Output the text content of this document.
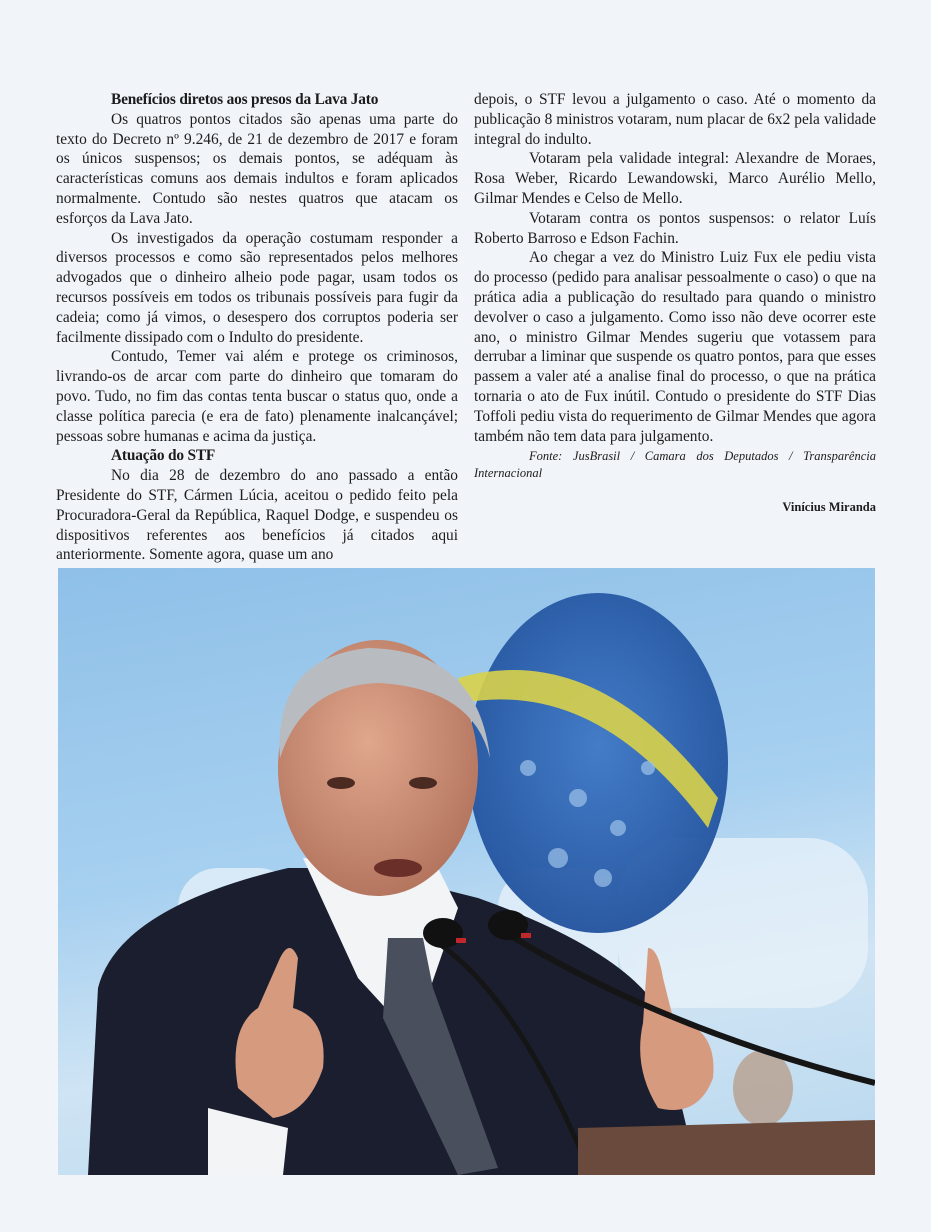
Benefícios diretos aos presos da Lava Jato

Os quatros pontos citados são apenas uma parte do texto do Decreto nº 9.246, de 21 de dezembro de 2017 e foram os únicos suspensos; os demais pontos, se adéquam às características comuns aos demais indultos e foram aplicados normalmente. Contudo são nestes quatros que atacam os esforços da Lava Jato.

Os investigados da operação costumam responder a diversos processos e como são representados pelos melhores advogados que o dinheiro alheio pode pagar, usam todos os recursos possíveis em todos os tribunais possíveis para fugir da cadeia; como já vimos, o desespero dos corruptos poderia ser facilmente dissipado com o Indulto do presidente.

Contudo, Temer vai além e protege os criminosos, livrando-os de arcar com parte do dinheiro que tomaram do povo. Tudo, no fim das contas tenta buscar o status quo, onde a classe política parecia (e era de fato) plenamente inalcançável; pessoas sobre humanas e acima da justiça.

Atuação do STF

No dia 28 de dezembro do ano passado a então Presidente do STF, Cármen Lúcia, aceitou o pedido feito pela Procuradora-Geral da República, Raquel Dodge, e suspendeu os dispositivos referentes aos benefícios já citados aqui anteriormente. Somente agora, quase um ano

depois, o STF levou a julgamento o caso. Até o momento da publicação 8 ministros votaram, num placar de 6x2 pela validade integral do indulto.

Votaram pela validade integral: Alexandre de Moraes, Rosa Weber, Ricardo Lewandowski, Marco Aurélio Mello, Gilmar Mendes e Celso de Mello.

Votaram contra os pontos suspensos: o relator Luís Roberto Barroso e Edson Fachin.

Ao chegar a vez do Ministro Luiz Fux ele pediu vista do processo (pedido para analisar pessoalmente o caso) o que na prática adia a publicação do resultado para quando o ministro devolver o caso a julgamento. Como isso não deve ocorrer este ano, o ministro Gilmar Mendes sugeriu que votassem para derrubar a liminar que suspende os quatro pontos, para que esses passem a valer até a analise final do processo, o que na prática tornaria o ato de Fux inútil. Contudo o presidente do STF Dias Toffoli pediu vista do requerimento de Gilmar Mendes que agora também não tem data para julgamento.

Fonte: JusBrasil / Camara dos Deputados / Transparência Internacional
Vinícius Miranda
